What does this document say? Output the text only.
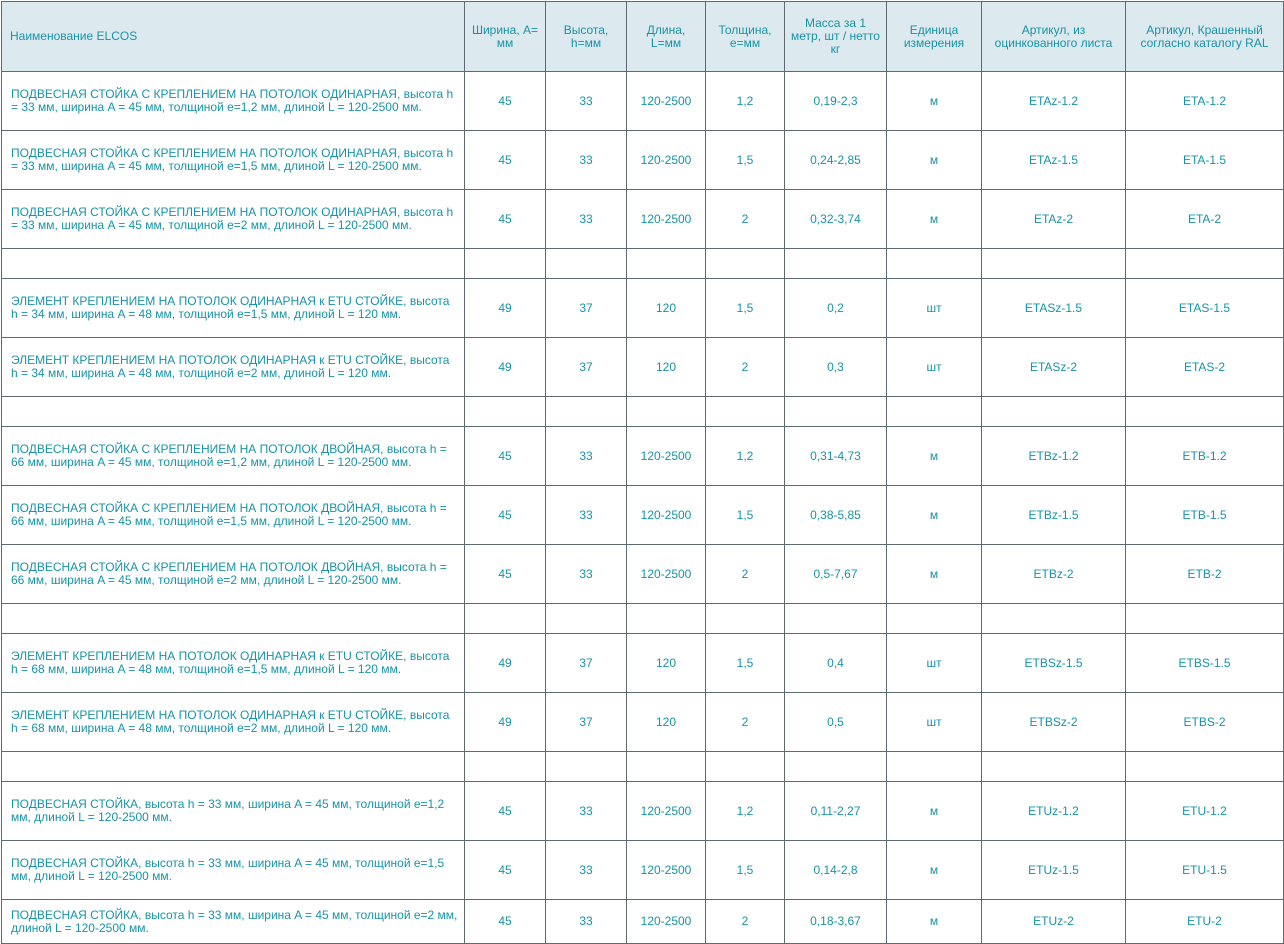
Наименование ELCOS	Ширина, А= мм	Высота, h=мм	Длина, L=мм	Толщина, е=мм	Масса за 1 метр, шт / нетто кг	Единица измерения	Артикул, из оцинкованного листа	Артикул, Крашенный согласно каталогу RAL
ПОДВЕСНАЯ СТОЙКА С КРЕПЛЕНИЕМ НА ПОТОЛОК ОДИНАРНАЯ, высота h = 33 мм, ширина A = 45 мм, толщиной e=1,2 мм, длиной L = 120-2500 мм.	45	33	120-2500	1,2	0,19-2,3	м	ETAz-1.2	ETA-1.2
ПОДВЕСНАЯ СТОЙКА С КРЕПЛЕНИЕМ НА ПОТОЛОК ОДИНАРНАЯ, высота h = 33 мм, ширина A = 45 мм, толщиной e=1,5 мм, длиной L = 120-2500 мм.	45	33	120-2500	1,5	0,24-2,85	м	ETAz-1.5	ETA-1.5
ПОДВЕСНАЯ СТОЙКА С КРЕПЛЕНИЕМ НА ПОТОЛОК ОДИНАРНАЯ, высота h = 33 мм, ширина A = 45 мм, толщиной e=2 мм, длиной L = 120-2500 мм.	45	33	120-2500	2	0,32-3,74	м	ETAz-2	ETA-2

ЭЛЕМЕНТ КРЕПЛЕНИЕМ НА ПОТОЛОК ОДИНАРНАЯ к ETU СТОЙКЕ, высота h = 34 мм, ширина A = 48 мм, толщиной e=1,5 мм, длиной L = 120 мм.	49	37	120	1,5	0,2	шт	ETASz-1.5	ETAS-1.5
ЭЛЕМЕНТ КРЕПЛЕНИЕМ НА ПОТОЛОК ОДИНАРНАЯ к ETU СТОЙКЕ, высота h = 34 мм, ширина A = 48 мм, толщиной e=2 мм, длиной L = 120 мм.	49	37	120	2	0,3	шт	ETASz-2	ETAS-2

ПОДВЕСНАЯ СТОЙКА С КРЕПЛЕНИЕМ НА ПОТОЛОК ДВОЙНАЯ, высота h = 66 мм, ширина A = 45 мм, толщиной e=1,2 мм, длиной L = 120-2500 мм.	45	33	120-2500	1,2	0,31-4,73	м	ETBz-1.2	ETB-1.2
ПОДВЕСНАЯ СТОЙКА С КРЕПЛЕНИЕМ НА ПОТОЛОК ДВОЙНАЯ, высота h = 66 мм, ширина A = 45 мм, толщиной e=1,5 мм, длиной L = 120-2500 мм.	45	33	120-2500	1,5	0,38-5,85	м	ETBz-1.5	ETB-1.5
ПОДВЕСНАЯ СТОЙКА С КРЕПЛЕНИЕМ НА ПОТОЛОК ДВОЙНАЯ, высота h = 66 мм, ширина A = 45 мм, толщиной e=2 мм, длиной L = 120-2500 мм.	45	33	120-2500	2	0,5-7,67	м	ETBz-2	ETB-2

ЭЛЕМЕНТ КРЕПЛЕНИЕМ НА ПОТОЛОК ОДИНАРНАЯ к ETU СТОЙКЕ, высота h = 68 мм, ширина A = 48 мм, толщиной e=1,5 мм, длиной L = 120 мм.	49	37	120	1,5	0,4	шт	ETBSz-1.5	ETBS-1.5
ЭЛЕМЕНТ КРЕПЛЕНИЕМ НА ПОТОЛОК ОДИНАРНАЯ к ETU СТОЙКЕ, высота h = 68 мм, ширина A = 48 мм, толщиной e=2 мм, длиной L = 120 мм.	49	37	120	2	0,5	шт	ETBSz-2	ETBS-2

ПОДВЕСНАЯ СТОЙКА, высота h = 33 мм, ширина A = 45 мм, толщиной e=1,2 мм, длиной L = 120-2500 мм.	45	33	120-2500	1,2	0,11-2,27	м	ETUz-1.2	ETU-1.2
ПОДВЕСНАЯ СТОЙКА, высота h = 33 мм, ширина A = 45 мм, толщиной e=1,5 мм, длиной L = 120-2500 мм.	45	33	120-2500	1,5	0,14-2,8	м	ETUz-1.5	ETU-1.5
ПОДВЕСНАЯ СТОЙКА, высота h = 33 мм, ширина A = 45 мм, толщиной e=2 мм, длиной L = 120-2500 мм.	45	33	120-2500	2	0,18-3,67	м	ETUz-2	ETU-2
